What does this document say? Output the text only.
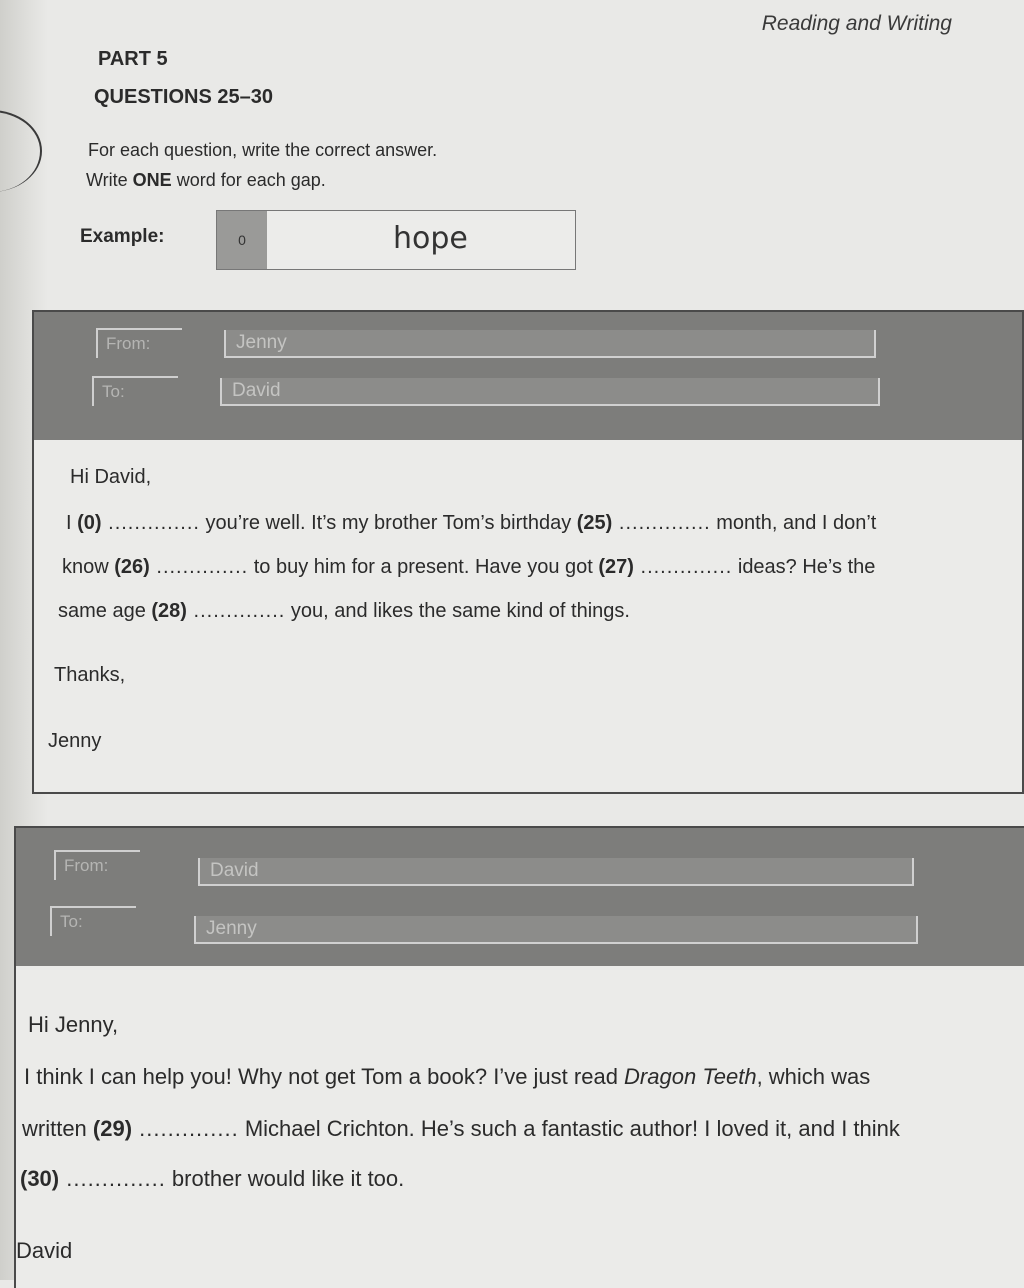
Reading and Writing
PART 5
QUESTIONS 25–30
For each question, write the correct answer.
Write ONE word for each gap.
Example:	0	hope
From:	Jenny
To:	David

Hi David,

I (0) .............. you’re well. It’s my brother Tom’s birthday (25) .............. month, and I don’t

know (26) .............. to buy him for a present. Have you got (27) .............. ideas? He’s the

same age (28) .............. you, and likes the same kind of things.

Thanks,

Jenny

From:	David
To:	Jenny

Hi Jenny,

I think I can help you! Why not get Tom a book? I’ve just read Dragon Teeth, which was

written (29) .............. Michael Crichton. He’s such a fantastic author! I loved it, and I think

(30) .............. brother would like it too.

David
